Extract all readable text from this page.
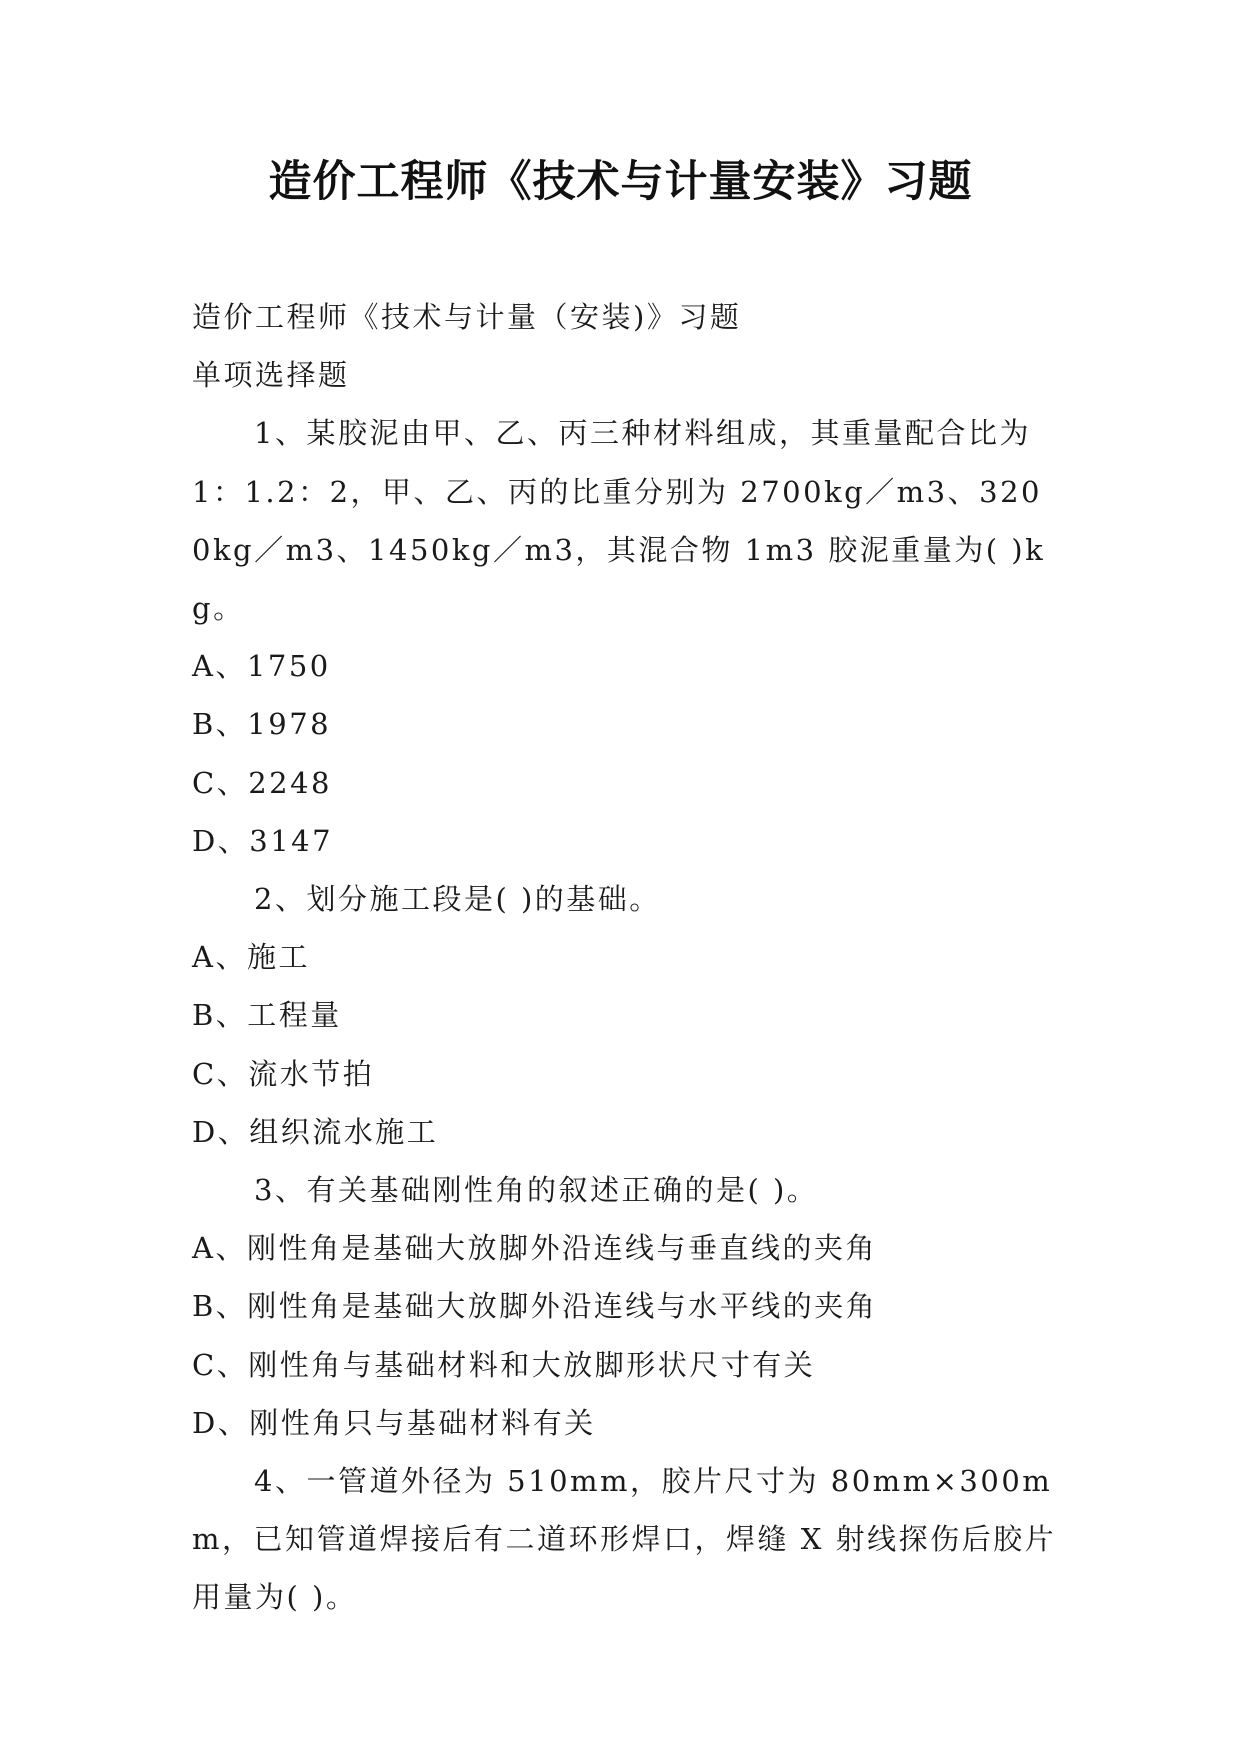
造价工程师《技术与计量安装》习题

造价工程师《技术与计量（安装)》习题

单项选择题

1、某胶泥由甲、乙、丙三种材料组成，其重量配合比为 1：1.2：2，甲、乙、丙的比重分别为 2700kg／m3、3200kg／m3、1450kg／m3，其混合物 1m3 胶泥重量为( )kg。

A、1750

B、1978

C、2248

D、3147

2、划分施工段是( )的基础。

A、施工

B、工程量

C、流水节拍

D、组织流水施工

3、有关基础刚性角的叙述正确的是( )。

A、刚性角是基础大放脚外沿连线与垂直线的夹角

B、刚性角是基础大放脚外沿连线与水平线的夹角

C、刚性角与基础材料和大放脚形状尺寸有关

D、刚性角只与基础材料有关

4、一管道外径为 510mm，胶片尺寸为 80mm×300mm，已知管道焊接后有二道环形焊口，焊缝 X 射线探伤后胶片用量为( )。
